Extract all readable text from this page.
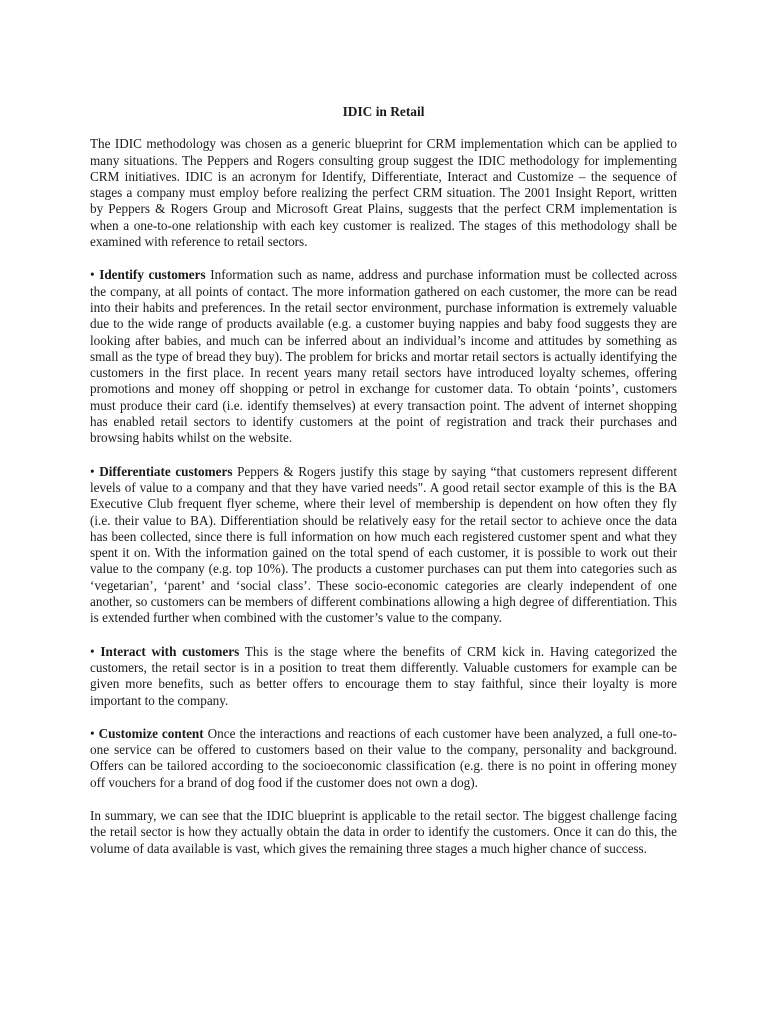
IDIC in Retail

The IDIC methodology was chosen as a generic blueprint for CRM implementation which can be applied to many situations. The Peppers and Rogers consulting group suggest the IDIC methodology for implementing CRM initiatives. IDIC is an acronym for Identify, Differentiate, Interact and Customize – the sequence of stages a company must employ before realizing the perfect CRM situation. The 2001 Insight Report, written by Peppers & Rogers Group and Microsoft Great Plains, suggests that the perfect CRM implementation is when a one-to-one relationship with each key customer is realized. The stages of this methodology shall be examined with reference to retail sectors.

• Identify customers Information such as name, address and purchase information must be collected across the company, at all points of contact. The more information gathered on each customer, the more can be read into their habits and preferences. In the retail sector environment, purchase information is extremely valuable due to the wide range of products available (e.g. a customer buying nappies and baby food suggests they are looking after babies, and much can be inferred about an individual’s income and attitudes by something as small as the type of bread they buy). The problem for bricks and mortar retail sectors is actually identifying the customers in the first place. In recent years many retail sectors have introduced loyalty schemes, offering promotions and money off shopping or petrol in exchange for customer data. To obtain ‘points’, customers must produce their card (i.e. identify themselves) at every transaction point. The advent of internet shopping has enabled retail sectors to identify customers at the point of registration and track their purchases and browsing habits whilst on the website.

• Differentiate customers Peppers & Rogers justify this stage by saying “that customers represent different levels of value to a company and that they have varied needs". A good retail sector example of this is the BA Executive Club frequent flyer scheme, where their level of membership is dependent on how often they fly (i.e. their value to BA). Differentiation should be relatively easy for the retail sector to achieve once the data has been collected, since there is full information on how much each registered customer spent and what they spent it on. With the information gained on the total spend of each customer, it is possible to work out their value to the company (e.g. top 10%). The products a customer purchases can put them into categories such as ‘vegetarian’, ‘parent’ and ‘social class’. These socio-economic categories are clearly independent of one another, so customers can be members of different combinations allowing a high degree of differentiation. This is extended further when combined with the customer’s value to the company.

• Interact with customers This is the stage where the benefits of CRM kick in. Having categorized the customers, the retail sector is in a position to treat them differently. Valuable customers for example can be given more benefits, such as better offers to encourage them to stay faithful, since their loyalty is more important to the company.

• Customize content Once the interactions and reactions of each customer have been analyzed, a full one-to-one service can be offered to customers based on their value to the company, personality and background. Offers can be tailored according to the socioeconomic classification (e.g. there is no point in offering money off vouchers for a brand of dog food if the customer does not own a dog).

In summary, we can see that the IDIC blueprint is applicable to the retail sector. The biggest challenge facing the retail sector is how they actually obtain the data in order to identify the customers. Once it can do this, the volume of data available is vast, which gives the remaining three stages a much higher chance of success.
